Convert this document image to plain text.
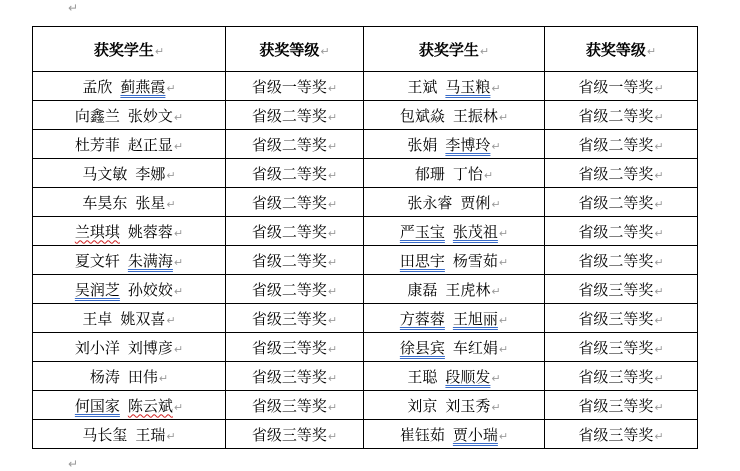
↵
获奖学生↵	获奖等级↵	获奖学生↵	获奖等级↵
孟欣 蓟燕霞↵	省级一等奖↵	王斌 马玉粮↵	省级一等奖↵
向鑫兰 张妙文↵	省级二等奖↵	包斌焱 王振林↵	省级二等奖↵
杜芳菲 赵正显↵	省级二等奖↵	张娟 李博玲↵	省级二等奖↵
马文敏 李娜↵	省级二等奖↵	郁珊 丁怡↵	省级二等奖↵
车昊东 张星↵	省级二等奖↵	张永睿 贾俐↵	省级二等奖↵
兰琪琪 姚蓉蓉↵	省级二等奖↵	严玉宝 张茂祖↵	省级二等奖↵
夏文轩 朱满海↵	省级二等奖↵	田思宇 杨雪茹↵	省级二等奖↵
吴润芝 孙姣姣↵	省级二等奖↵	康磊 王虎林↵	省级三等奖↵
王卓 姚双喜↵	省级三等奖↵	方蓉蓉 王旭丽↵	省级三等奖↵
刘小洋 刘博彦↵	省级三等奖↵	徐县宾 车红娟↵	省级三等奖↵
杨涛 田伟↵	省级三等奖↵	王聪 段顺发↵	省级三等奖↵
何国家 陈云斌↵	省级三等奖↵	刘京 刘玉秀↵	省级三等奖↵
马长玺 王瑞↵	省级三等奖↵	崔钰茹 贾小瑞↵	省级三等奖↵
↵
